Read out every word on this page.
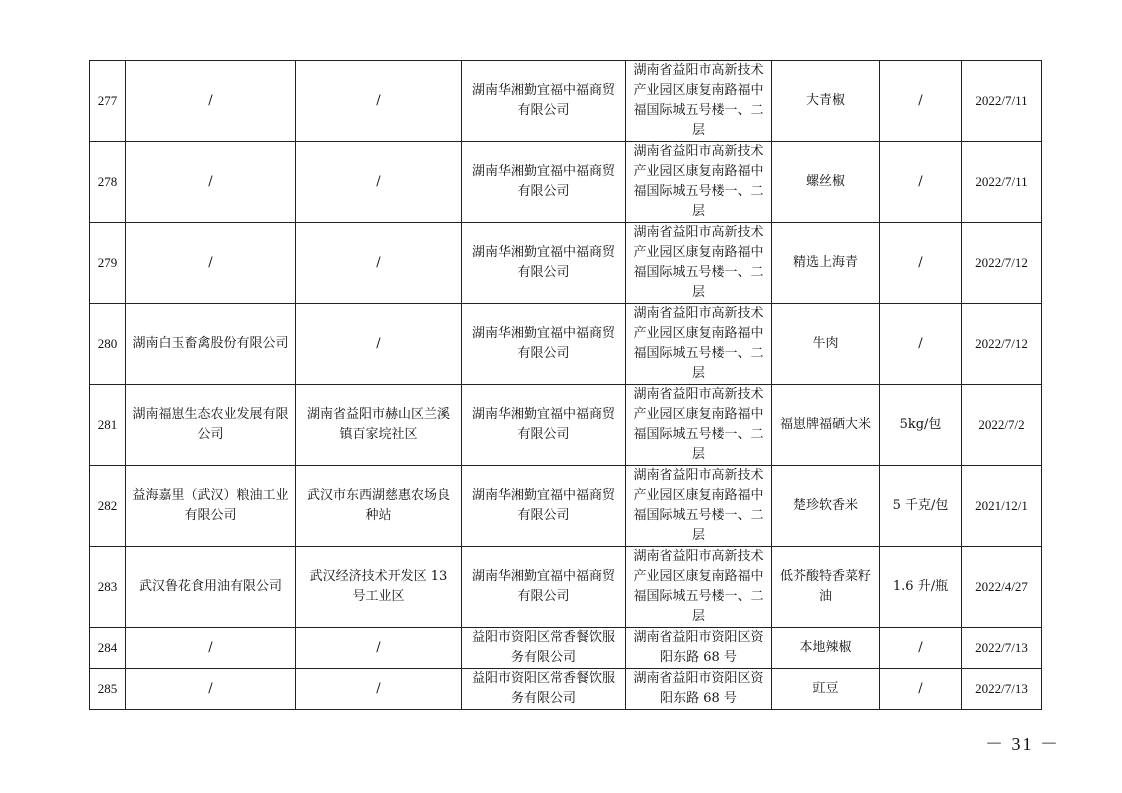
277	/	/	湖南华湘勤宜福中福商贸有限公司	湖南省益阳市高新技术产业园区康复南路福中福国际城五号楼一、二层	大青椒	/	2022/7/11
278	/	/	湖南华湘勤宜福中福商贸有限公司	湖南省益阳市高新技术产业园区康复南路福中福国际城五号楼一、二层	螺丝椒	/	2022/7/11
279	/	/	湖南华湘勤宜福中福商贸有限公司	湖南省益阳市高新技术产业园区康复南路福中福国际城五号楼一、二层	精选上海青	/	2022/7/12
280	湖南白玉畜禽股份有限公司	/	湖南华湘勤宜福中福商贸有限公司	湖南省益阳市高新技术产业园区康复南路福中福国际城五号楼一、二层	牛肉	/	2022/7/12
281	湖南福崽生态农业发展有限公司	湖南省益阳市赫山区兰溪镇百家垸社区	湖南华湘勤宜福中福商贸有限公司	湖南省益阳市高新技术产业园区康复南路福中福国际城五号楼一、二层	福崽牌福硒大米	5kg/包	2022/7/2
282	益海嘉里（武汉）粮油工业有限公司	武汉市东西湖慈惠农场良种站	湖南华湘勤宜福中福商贸有限公司	湖南省益阳市高新技术产业园区康复南路福中福国际城五号楼一、二层	楚珍软香米	5 千克/包	2021/12/1
283	武汉鲁花食用油有限公司	武汉经济技术开发区 13 号工业区	湖南华湘勤宜福中福商贸有限公司	湖南省益阳市高新技术产业园区康复南路福中福国际城五号楼一、二层	低芥酸特香菜籽油	1.6 升/瓶	2022/4/27
284	/	/	益阳市资阳区常香餐饮服务有限公司	湖南省益阳市资阳区资阳东路 68 号	本地辣椒	/	2022/7/13
285	/	/	益阳市资阳区常香餐饮服务有限公司	湖南省益阳市资阳区资阳东路 68 号	豇豆	/	2022/7/13
－ 31 －
